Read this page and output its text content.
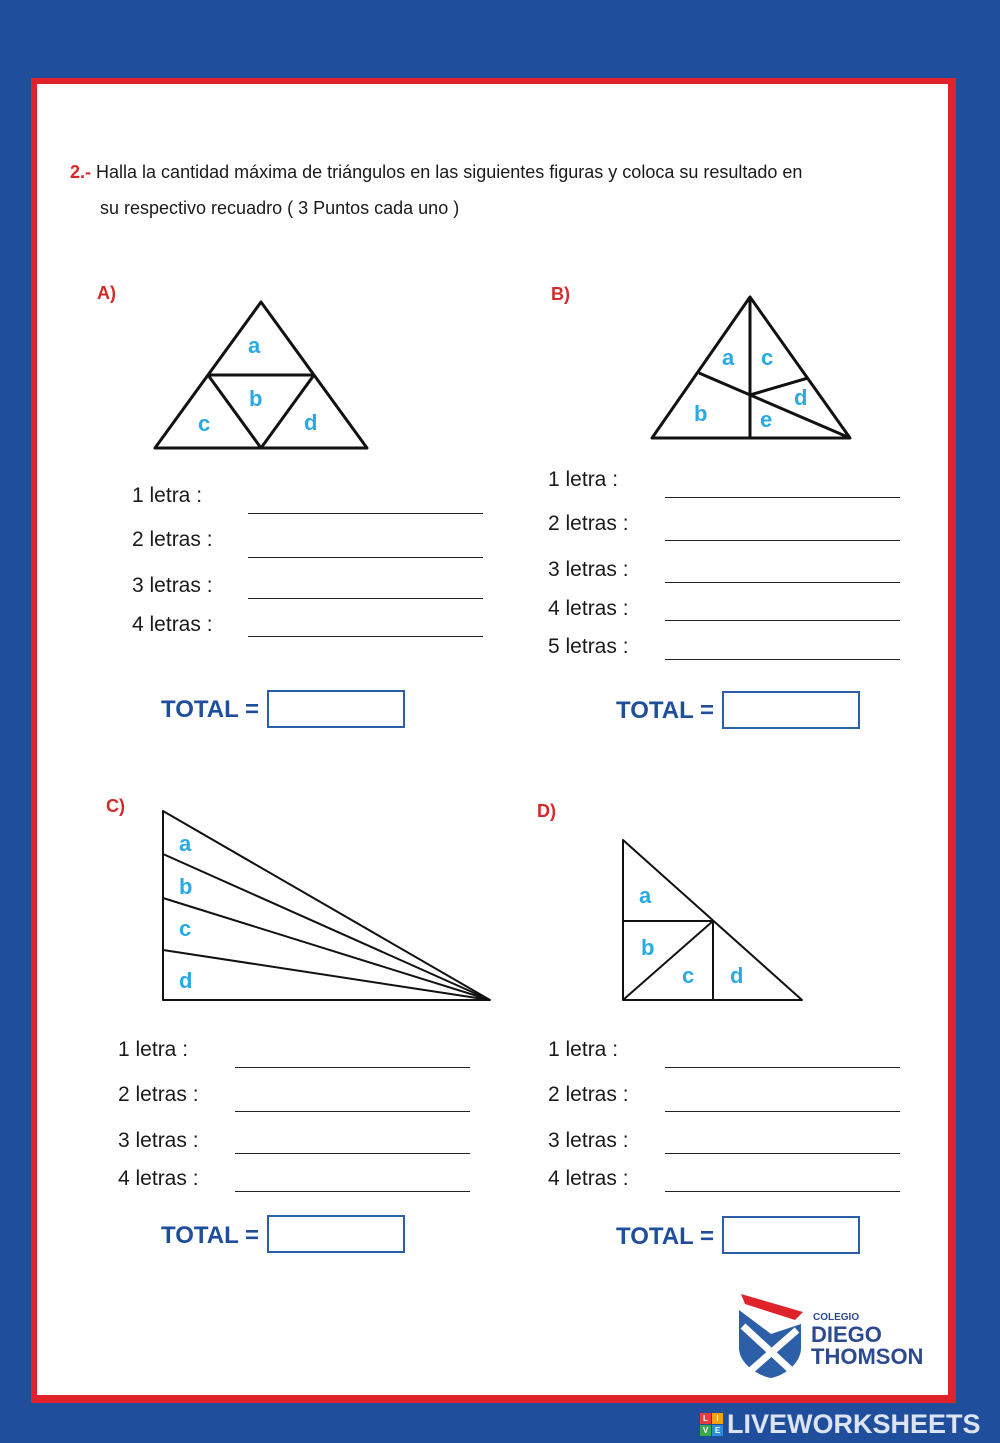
2.- Halla la cantidad máxima de triángulos en las siguientes figuras y coloca su resultado en
su respectivo recuadro ( 3 Puntos cada uno )
A)
a
b
c	d
1 letra :
2 letras :
3 letras :
4 letras :
TOTAL =
B)
a c
d
b e
1 letra :
2 letras :
3 letras :
4 letras :
5 letras :
TOTAL =
C)
a
b
c
d
1 letra :
2 letras :
3 letras :
4 letras :
TOTAL =
D)
a
b
c d
1 letra :
2 letras :
3 letras :
4 letras :
TOTAL =
COLEGIO
DIEGO
THOMSON
L	I
V E LIVEWORKSHEETS
